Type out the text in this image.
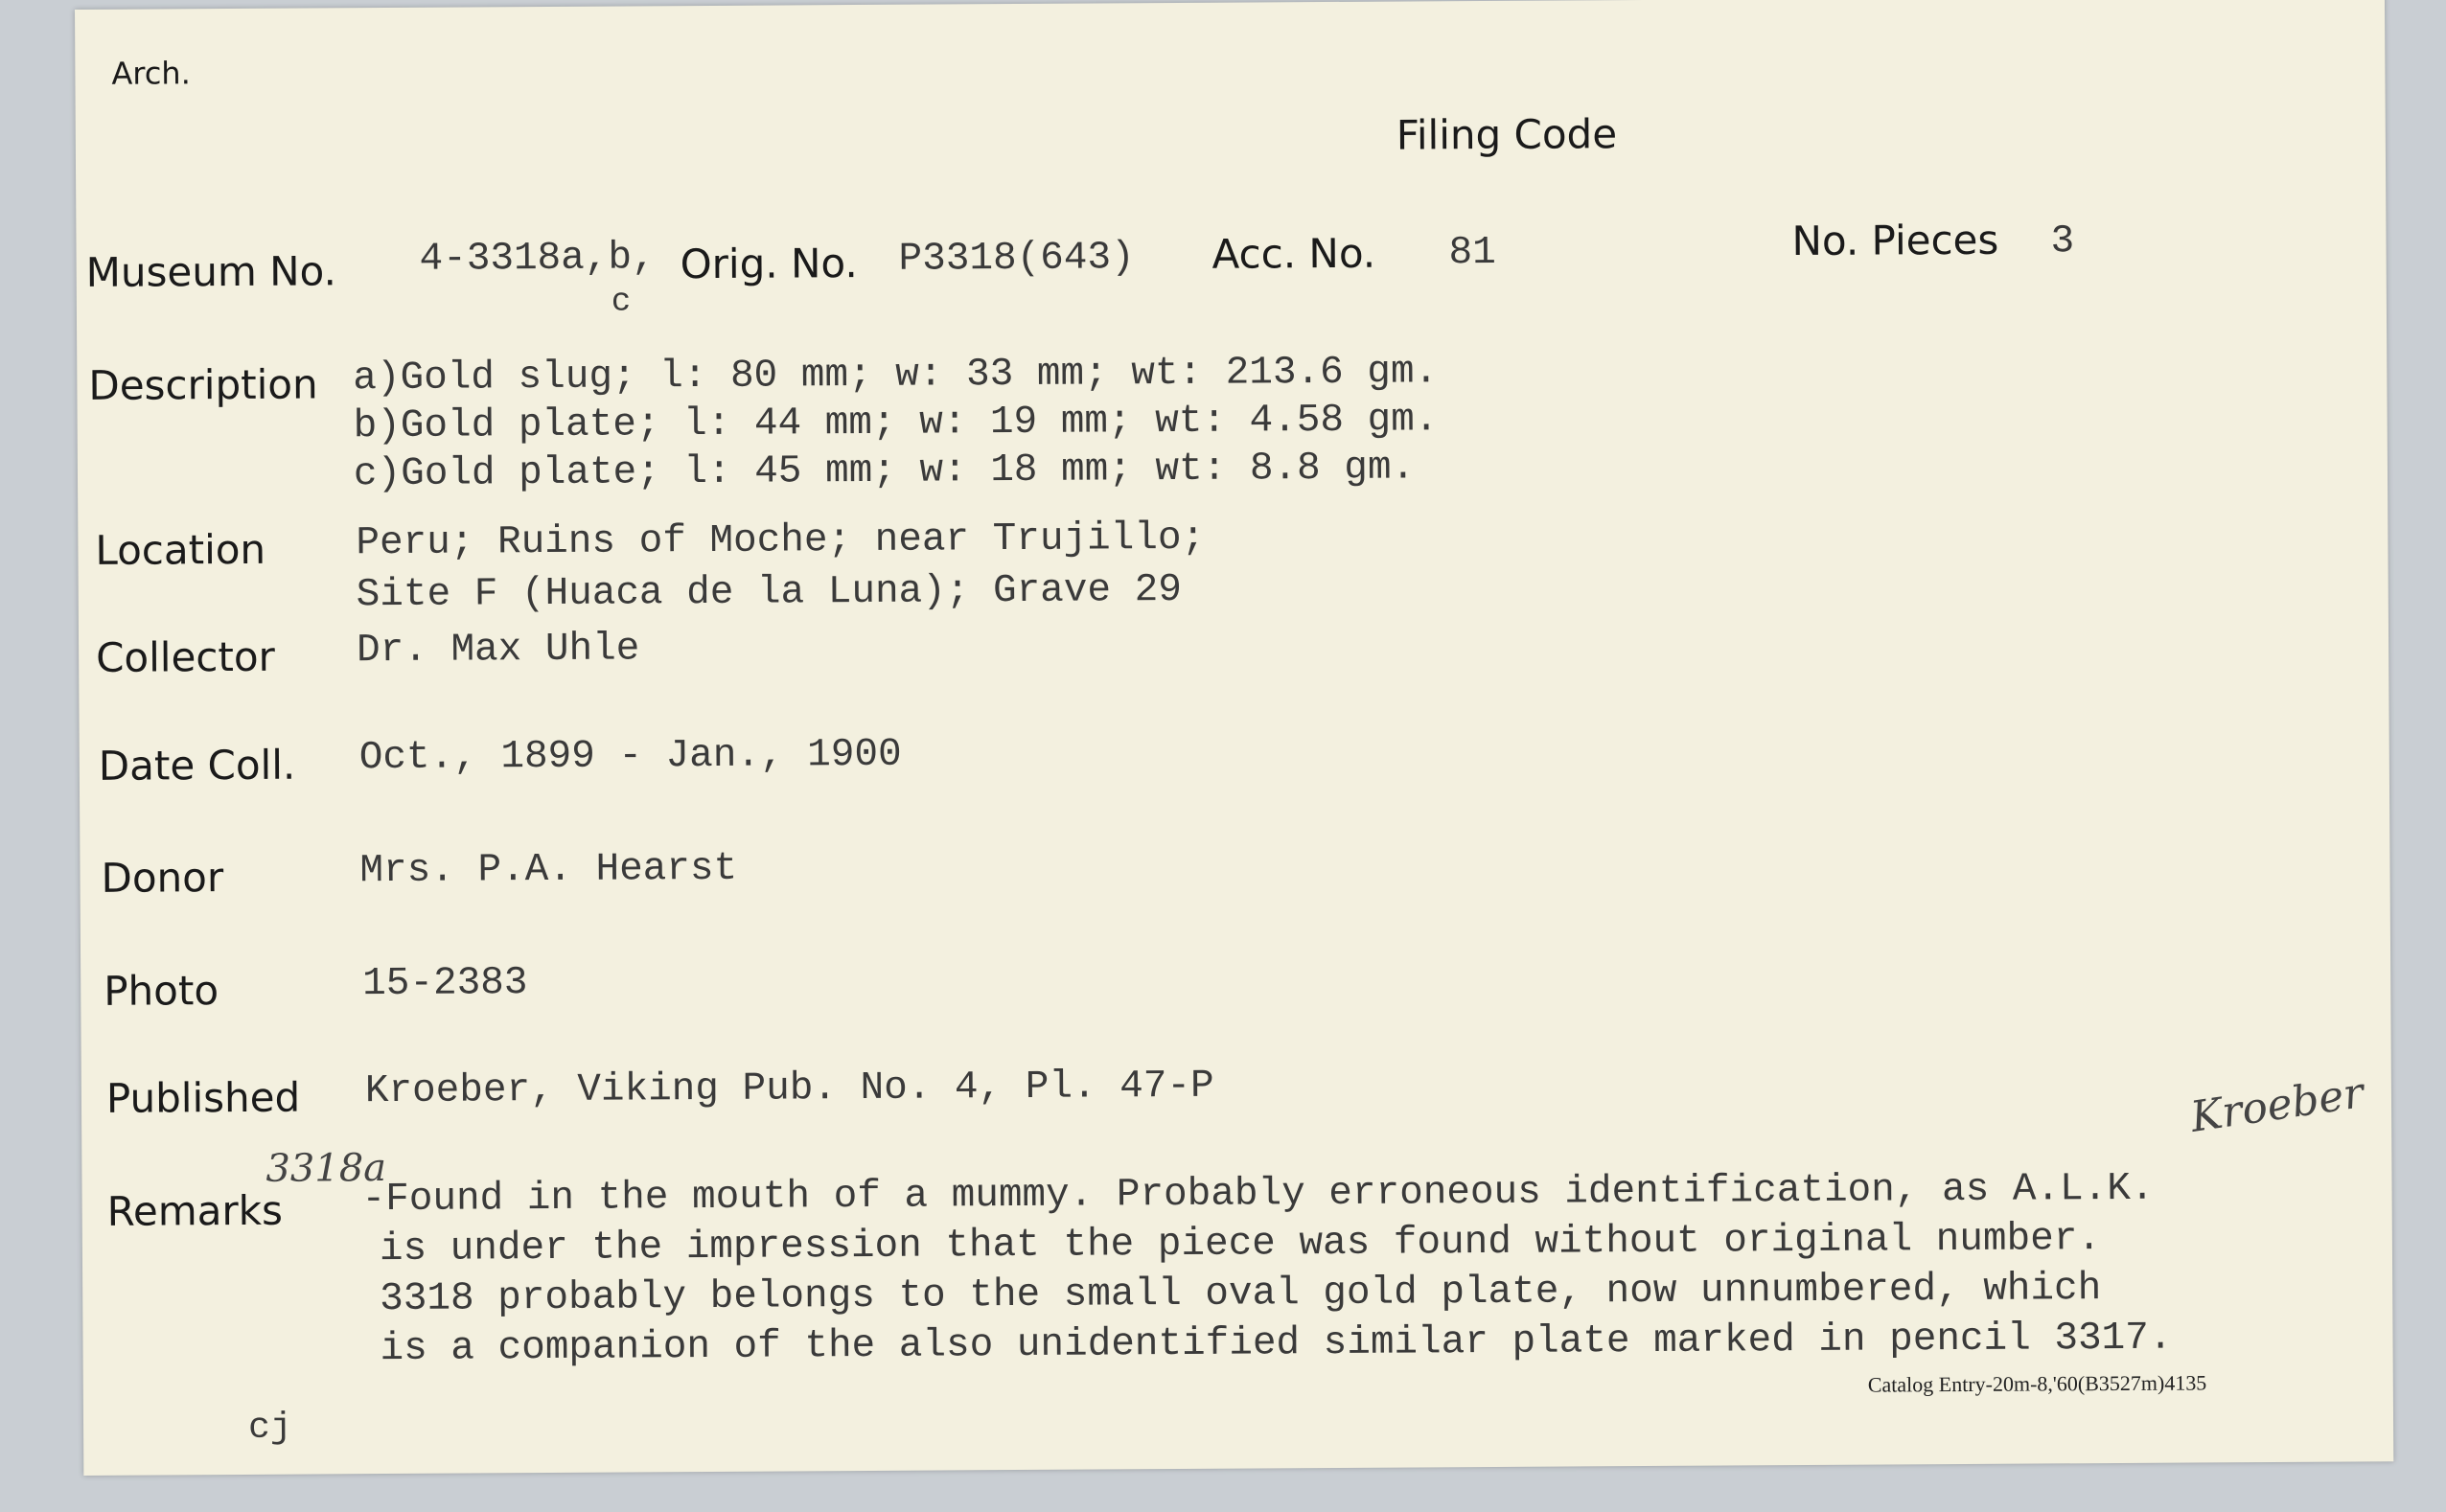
Arch.
Filing Code
Museum No. 4-3318a,b,
c
Orig. No. P3318(643) Acc. No. 81	No. Pieces 3
Description a)Gold slug; l: 80 mm; w: 33 mm; wt: 213.6 gm.
b)Gold plate; l: 44 mm; w: 19 mm; wt: 4.58 gm.
c)Gold plate; l: 45 mm; w: 18 mm; wt: 8.8 gm.
Location Peru; Ruins of Moche; near Trujillo;
Site F (Huaca de la Luna); Grave 29
Collector Dr. Max Uhle
Date Coll. Oct., 1899 - Jan., 1900
Donor	Mrs. P.A. Hearst
Photo	15-2383
Published Kroeber, Viking Pub. No. 4, Pl. 47-P
Remarks
3318a
Kroeber
-Found in the mouth of a mummy. Probably erroneous identification, as A.L.K.
is under the impression that the piece was found without original number.
3318 probably belongs to the small oval gold plate, now unnumbered, which
is a companion of the also unidentified similar plate marked in pencil 3317.
Catalog Entry-20m-8,'60(B3527m)4135
cj
